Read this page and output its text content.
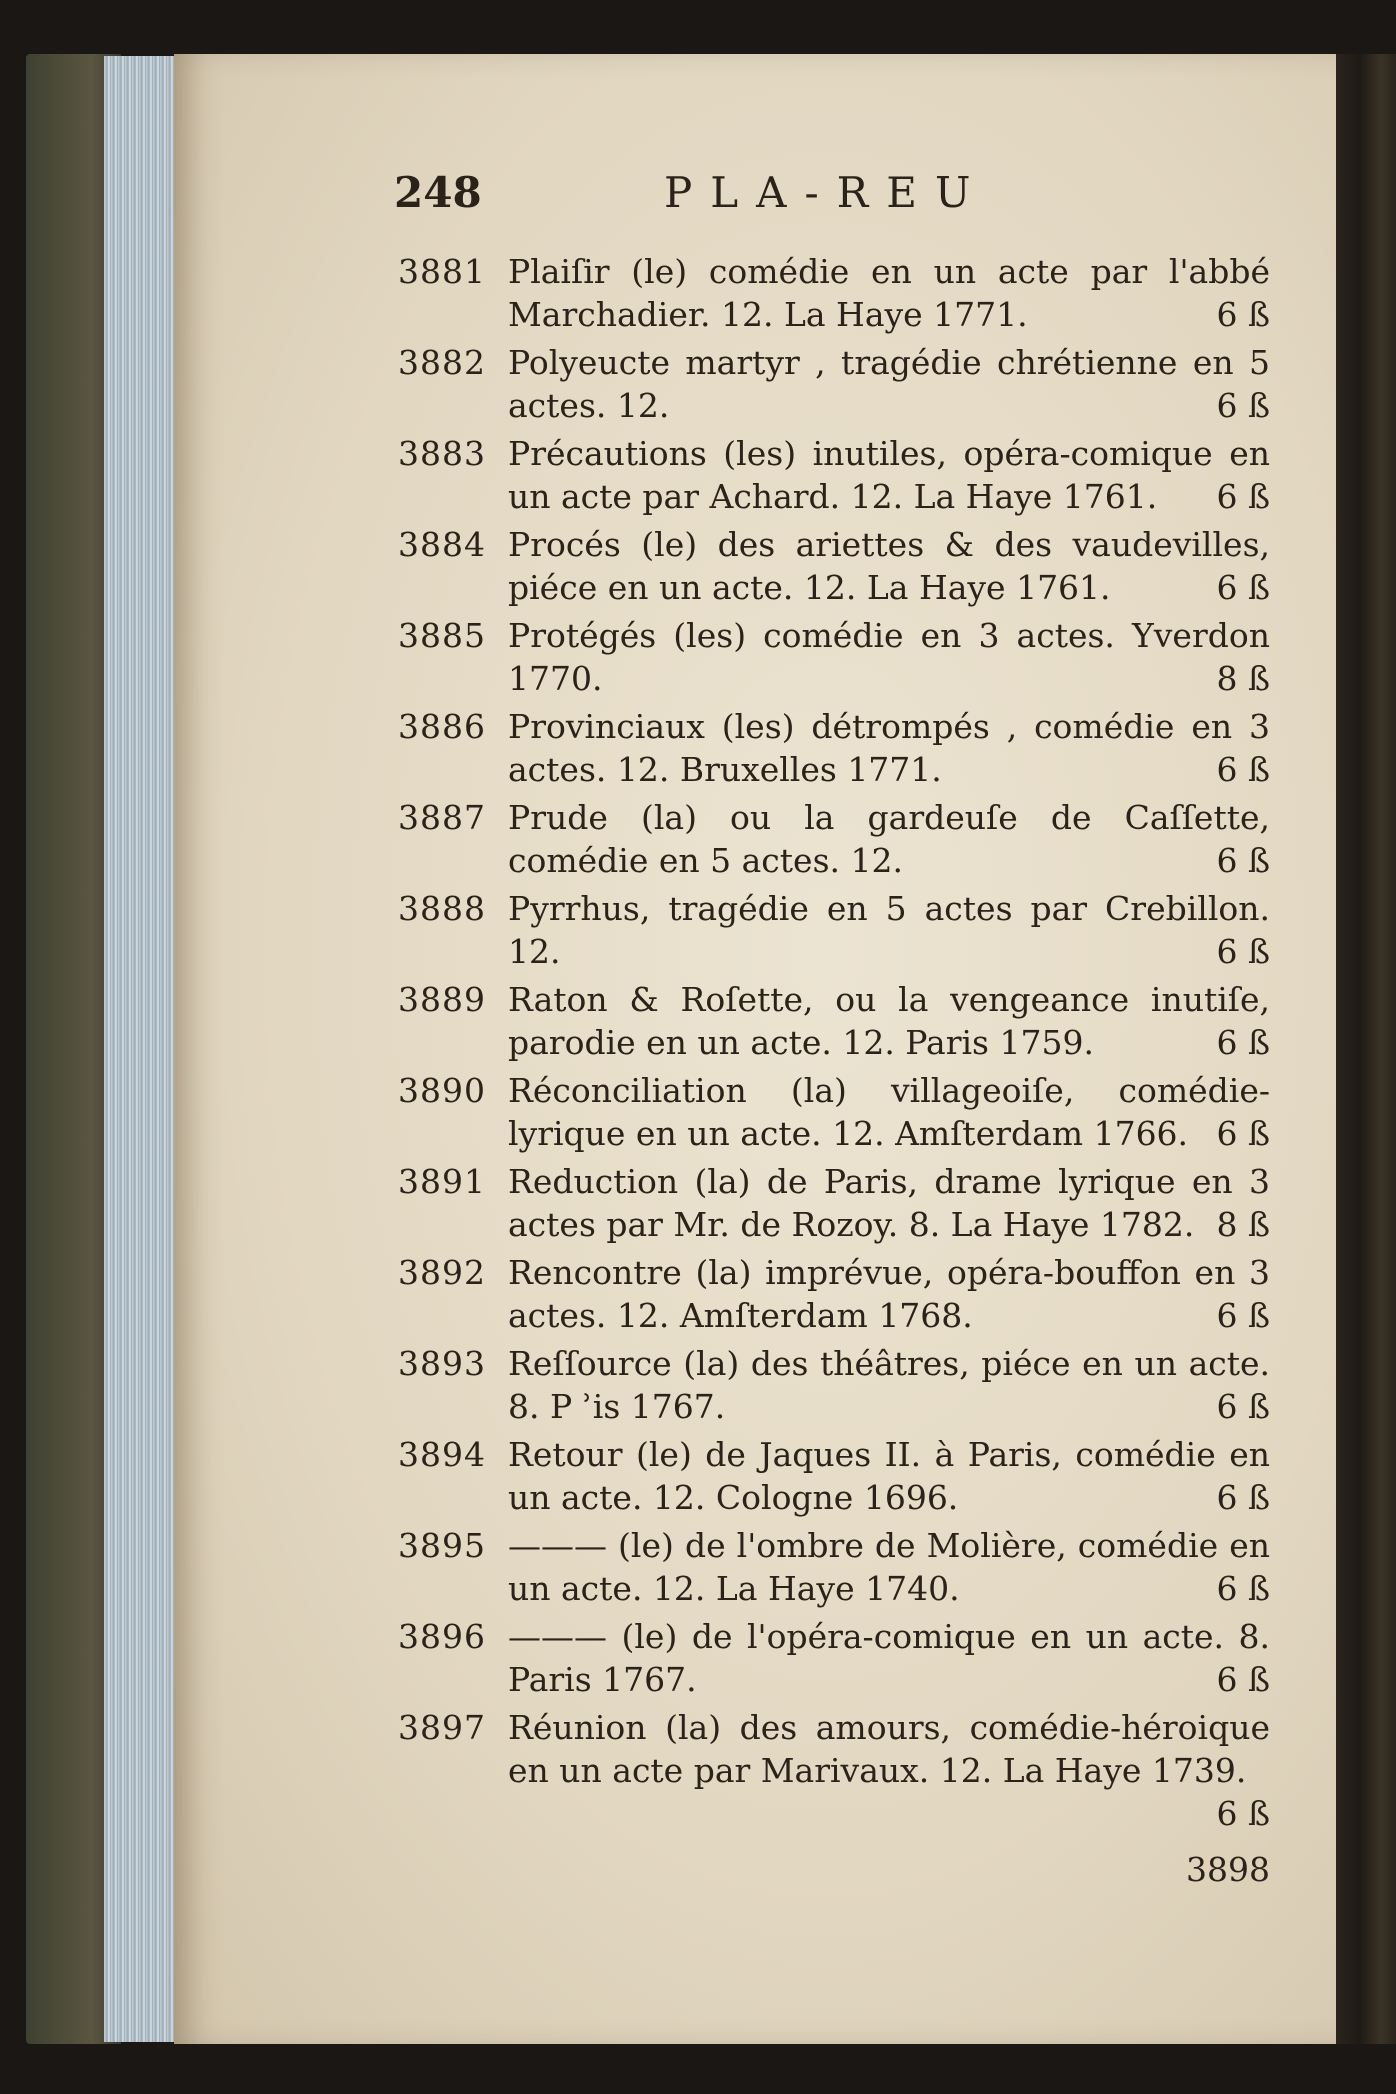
248	PLA-REU
3881 Plaiſir (le) comédie en un acte par l'abbé Marchadier. 12. La Haye 1771.	6 ß
3882 Polyeucte martyr , tragédie chrétienne en 5 actes. 12.	6 ß
3883 Précautions (les) inutiles, opéra-comique en un acte par Achard. 12. La Haye 1761. 6 ß
3884 Procés (le) des ariettes & des vaudevilles, piéce en un acte. 12. La Haye 1761.	6 ß
3885 Protégés (les) comédie en 3 actes. Yverdon 1770.	8 ß
3886 Provinciaux (les) détrompés , comédie en 3 actes. 12. Bruxelles 1771.	6 ß
3887 Prude (la) ou la gardeuſe de Caſſette, comédie en 5 actes. 12.	6 ß
3888 Pyrrhus, tragédie en 5 actes par Crebillon. 12.	6 ß
3889 Raton & Roſette, ou la vengeance inutiſe, parodie en un acte. 12. Paris 1759.	6 ß
3890 Réconciliation (la) villageoiſe, comédie-lyrique en un acte. 12. Amſterdam 1766. 6 ß
3891 Reduction (la) de Paris, drame lyrique en 3 actes par Mr. de Rozoy. 8. La Haye 1782. 8 ß
3892 Rencontre (la) imprévue, opéra-bouffon en 3 actes. 12. Amſterdam 1768.	6 ß
3893 Reſſource (la) des théâtres, piéce en un acte. 8. P ʾis 1767.	6 ß
3894 Retour (le) de Jaques II. à Paris, comédie en un acte. 12. Cologne 1696.	6 ß
3895 ——— (le) de l'ombre de Molière, comédie en un acte. 12. La Haye 1740.	6 ß
3896 ——— (le) de l'opéra-comique en un acte. 8. Paris 1767.	6 ß
3897 Réunion (la) des amours, comédie-héroique en un acte par Marivaux. 12. La Haye 1739.
6 ß
3898
